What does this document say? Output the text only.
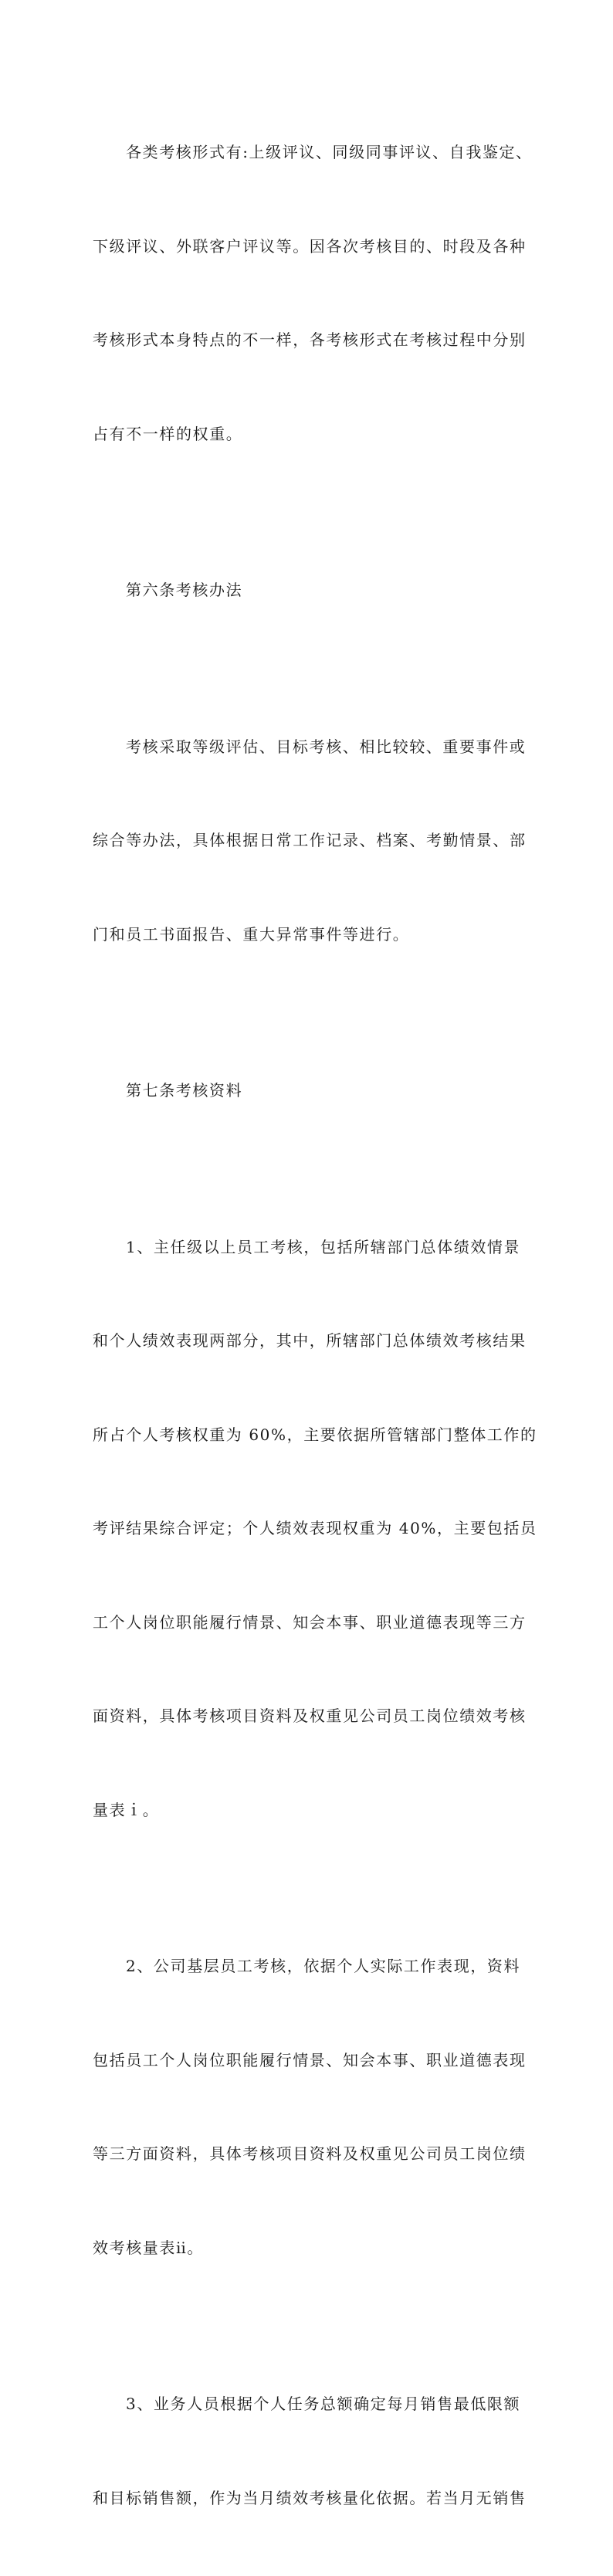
各类考核形式有:上级评议、同级同事评议、自我鉴定、

下级评议、外联客户评议等。因各次考核目的、时段及各种

考核形式本身特点的不一样，各考核形式在考核过程中分别

占有不一样的权重。

第六条考核办法

考核采取等级评估、目标考核、相比较较、重要事件或

综合等办法，具体根据日常工作记录、档案、考勤情景、部

门和员工书面报告、重大异常事件等进行。

第七条考核资料

1、主任级以上员工考核，包括所辖部门总体绩效情景

和个人绩效表现两部分，其中，所辖部门总体绩效考核结果

所占个人考核权重为 60%，主要依据所管辖部门整体工作的

考评结果综合评定；个人绩效表现权重为 40%，主要包括员

工个人岗位职能履行情景、知会本事、职业道德表现等三方

面资料，具体考核项目资料及权重见公司员工岗位绩效考核

量表ｉ。

2、公司基层员工考核，依据个人实际工作表现，资料

包括员工个人岗位职能履行情景、知会本事、职业道德表现

等三方面资料，具体考核项目资料及权重见公司员工岗位绩

效考核量表ⅱ。

3、业务人员根据个人任务总额确定每月销售最低限额

和目标销售额，作为当月绩效考核量化依据。若当月无销售
